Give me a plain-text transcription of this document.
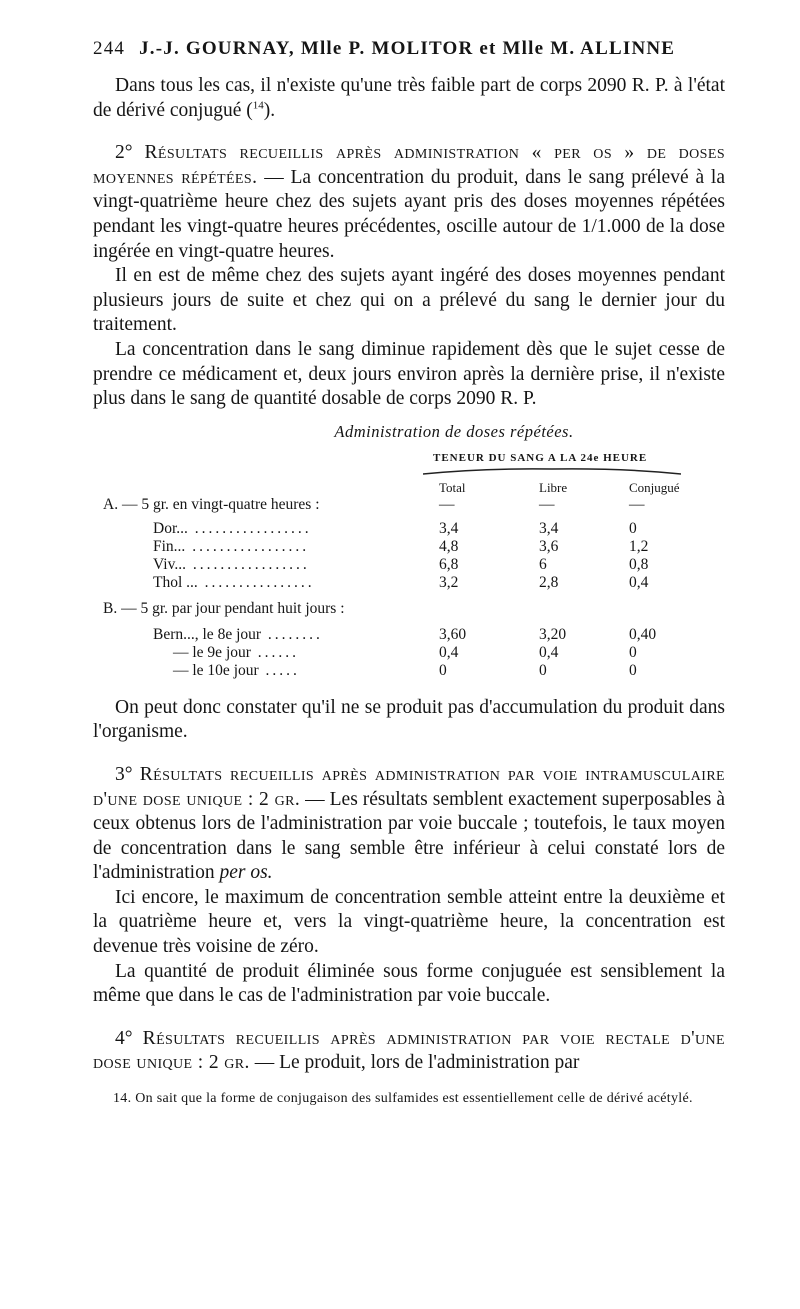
244 J.-J. GOURNAY, Mlle P. MOLITOR et Mlle M. ALLINNE

Dans tous les cas, il n'existe qu'une très faible part de corps 2090 R. P. à l'état de dérivé conjugué ($^{14}$).

2° Résultats recueillis après administration « per os » de doses moyennes répétées. — La concentration du produit, dans le sang prélevé à la vingt-quatrième heure chez des sujets ayant pris des doses moyennes répétées pendant les vingt-quatre heures précédentes, oscille autour de 1/1.000 de la dose ingérée en vingt-quatre heures.

Il en est de même chez des sujets ayant ingéré des doses moyennes pendant plusieurs jours de suite et chez qui on a prélevé du sang le dernier jour du traitement.

La concentration dans le sang diminue rapidement dès que le sujet cesse de prendre ce médicament et, deux jours environ après la dernière prise, il n'existe plus dans le sang de quantité dosable de corps 2090 R. P.

Administration de doses répétées.
TENEUR DU SANG A LA 24e HEURE
Total	Libre	Conjugué
A. — 5 gr. en vingt-quatre heures :	—	—	—
Dor... .................	3,4	3,4	0
Fin... .................	4,8	3,6	1,2
Viv... .................	6,8	6	0,8
Thol ... ................	3,2	2,8	0,4
B. — 5 gr. par jour pendant huit jours :
Bern..., le 8e jour ........	3,60	3,20	0,40
— le 9e jour ......	0,4	0,4	0
— le 10e jour .....	0	0	0

On peut donc constater qu'il ne se produit pas d'accumulation du produit dans l'organisme.

3° Résultats recueillis après administration par voie intramusculaire d'une dose unique : 2 gr. — Les résultats semblent exactement superposables à ceux obtenus lors de l'administration par voie buccale ; toutefois, le taux moyen de concentration dans le sang semble être inférieur à celui constaté lors de l'administration per os.

Ici encore, le maximum de concentration semble atteint entre la deuxième et la quatrième heure et, vers la vingt-quatrième heure, la concentration est devenue très voisine de zéro.

La quantité de produit éliminée sous forme conjuguée est sensiblement la même que dans le cas de l'administration par voie buccale.

4° Résultats recueillis après administration par voie rectale d'une dose unique : 2 gr. — Le produit, lors de l'administration par

14. On sait que la forme de conjugaison des sulfamides est essentiellement celle de dérivé acétylé.
